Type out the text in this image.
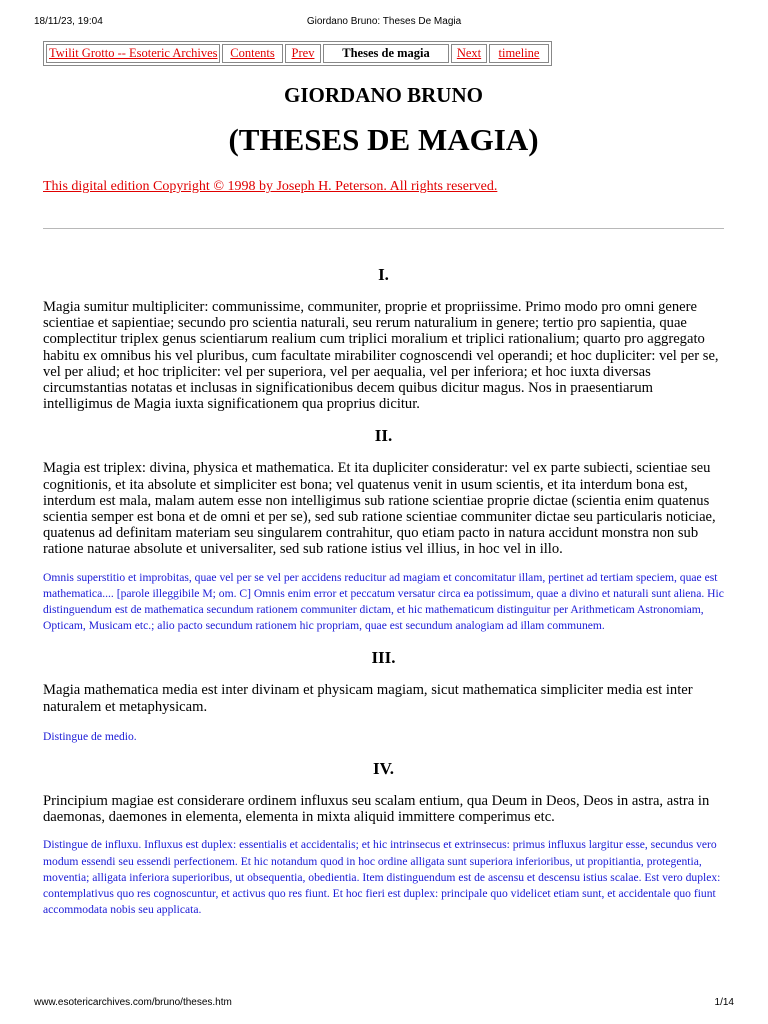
18/11/23, 19:04	Giordano Bruno: Theses De Magia
Twilit Grotto -- Esoteric Archives	Contents	Prev	Theses de magia	Next	timeline
GIORDANO BRUNO
(THESES DE MAGIA)
This digital edition Copyright © 1998 by Joseph H. Peterson. All rights reserved.
I.

Magia sumitur multipliciter: communissime, communiter, proprie et propriissime. Primo modo pro omni genere scientiae et sapientiae; secundo pro scientia naturali, seu rerum naturalium in genere; tertio pro sapientia, quae complectitur triplex genus scientiarum realium cum triplici moralium et triplici rationalium; quarto pro aggregato habitu ex omnibus his vel pluribus, cum facultate mirabiliter cognoscendi vel operandi; et hoc dupliciter: vel per se, vel per aliud; et hoc tripliciter: vel per superiora, vel per aequalia, vel per inferiora; et hoc iuxta diversas circumstantias notatas et inclusas in significationibus decem quibus dicitur magus. Nos in praesentiarum intelligimus de Magia iuxta significationem qua proprius dicitur.

II.

Magia est triplex: divina, physica et mathematica. Et ita dupliciter consideratur: vel ex parte subiecti, scientiae seu cognitionis, et ita absolute et simpliciter est bona; vel quatenus venit in usum scientis, et ita interdum bona est, interdum est mala, malam autem esse non intelligimus sub ratione scientiae proprie dictae (scientia enim quatenus scientia semper est bona et de omni et per se), sed sub ratione scientiae communiter dictae seu particularis noticiae, quatenus ad definitam materiam seu singularem contrahitur, quo etiam pacto in natura accidunt monstra non sub ratione naturae absolute et universaliter, sed sub ratione istius vel illius, in hoc vel in illo.

Omnis superstitio et improbitas, quae vel per se vel per accidens reducitur ad magiam et concomitatur illam, pertinet ad tertiam speciem, quae est mathematica.... [parole illeggibile M; om. C] Omnis enim error et peccatum versatur circa ea potissimum, quae a divino et naturali sunt aliena. Hic distinguendum est de mathematica secundum rationem communiter dictam, et hic mathematicum distinguitur per Arithmeticam Astronomiam, Opticam, Musicam etc.; alio pacto secundum rationem hic propriam, quae est secundum analogiam ad illam communem.

III.

Magia mathematica media est inter divinam et physicam magiam, sicut mathematica simpliciter media est inter naturalem et metaphysicam.

Distingue de medio.

IV.

Principium magiae est considerare ordinem influxus seu scalam entium, qua Deum in Deos, Deos in astra, astra in daemonas, daemones in elementa, elementa in mixta aliquid immittere comperimus etc.

Distingue de influxu. Influxus est duplex: essentialis et accidentalis; et hic intrinsecus et extrinsecus: primus influxus largitur esse, secundus vero modum essendi seu essendi perfectionem. Et hic notandum quod in hoc ordine alligata sunt superiora inferioribus, ut propitiantia, protegentia, moventia; alligata inferiora superioribus, ut obsequentia, obedientia. Item distinguendum est de ascensu et descensu istius scalae. Est vero duplex: contemplativus quo res cognoscuntur, et activus quo res fiunt. Et hoc fieri est duplex: principale quo videlicet etiam sunt, et accidentale quo fiunt accommodata nobis seu applicata.

www.esotericarchives.com/bruno/theses.htm	1/14
